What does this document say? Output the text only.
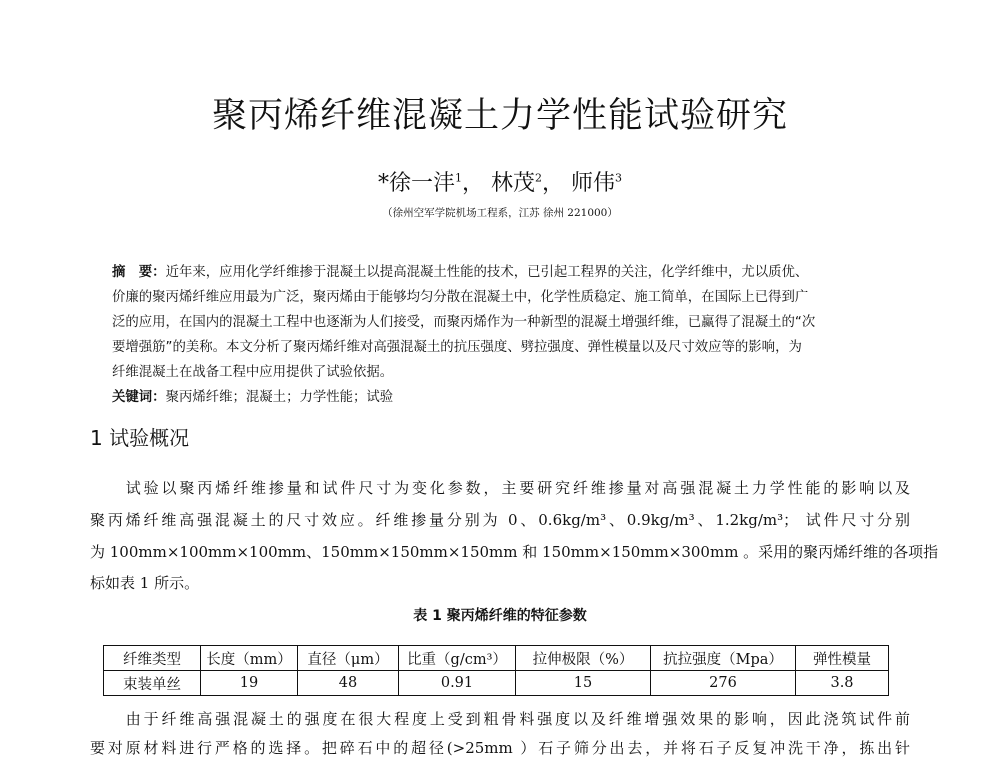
聚丙烯纤维混凝土力学性能试验研究
*徐一沣$^1$， 林茂$^2$， 师伟$^3$
（徐州空军学院机场工程系，江苏 徐州 221000）
摘　要：近年来，应用化学纤维掺于混凝土以提高混凝土性能的技术，已引起工程界的关注，化学纤维中，尤以质优、
价廉的聚丙烯纤维应用最为广泛，聚丙烯由于能够均匀分散在混凝土中，化学性质稳定、施工简单，在国际上已得到广
泛的应用，在国内的混凝土工程中也逐渐为人们接受，而聚丙烯作为一种新型的混凝土增强纤维，已赢得了混凝土的“次
要增强筋”的美称。本文分析了聚丙烯纤维对高强混凝土的抗压强度、劈拉强度、弹性模量以及尺寸效应等的影响，为
纤维混凝土在战备工程中应用提供了试验依据。
关键词：聚丙烯纤维；混凝土；力学性能；试验
1 试验概况
　　试验以聚丙烯纤维掺量和试件尺寸为变化参数，主要研究纤维掺量对高强混凝土力学性能的影响以及
聚丙烯纤维高强混凝土的尺寸效应。纤维掺量分别为 0、0.6kg/m³、0.9kg/m³、1.2kg/m³； 试件尺寸分别
为 100mm×100mm×100mm、150mm×150mm×150mm 和 150mm×150mm×300mm 。采用的聚丙烯纤维的各项指
标如表 1 所示。
表 1 聚丙烯纤维的特征参数
纤维类型	长度（mm）	直径（μm）	比重（g/cm³）	拉伸极限（%）	抗拉强度（Mpa）	弹性模量
束装单丝	19	48	0.91	15	276	3.8
　　由于纤维高强混凝土的强度在很大程度上受到粗骨料强度以及纤维增强效果的影响，因此浇筑试件前
要对原材料进行严格的选择。把碎石中的超径(>25mm ）石子筛分出去，并将石子反复冲洗干净，拣出针
